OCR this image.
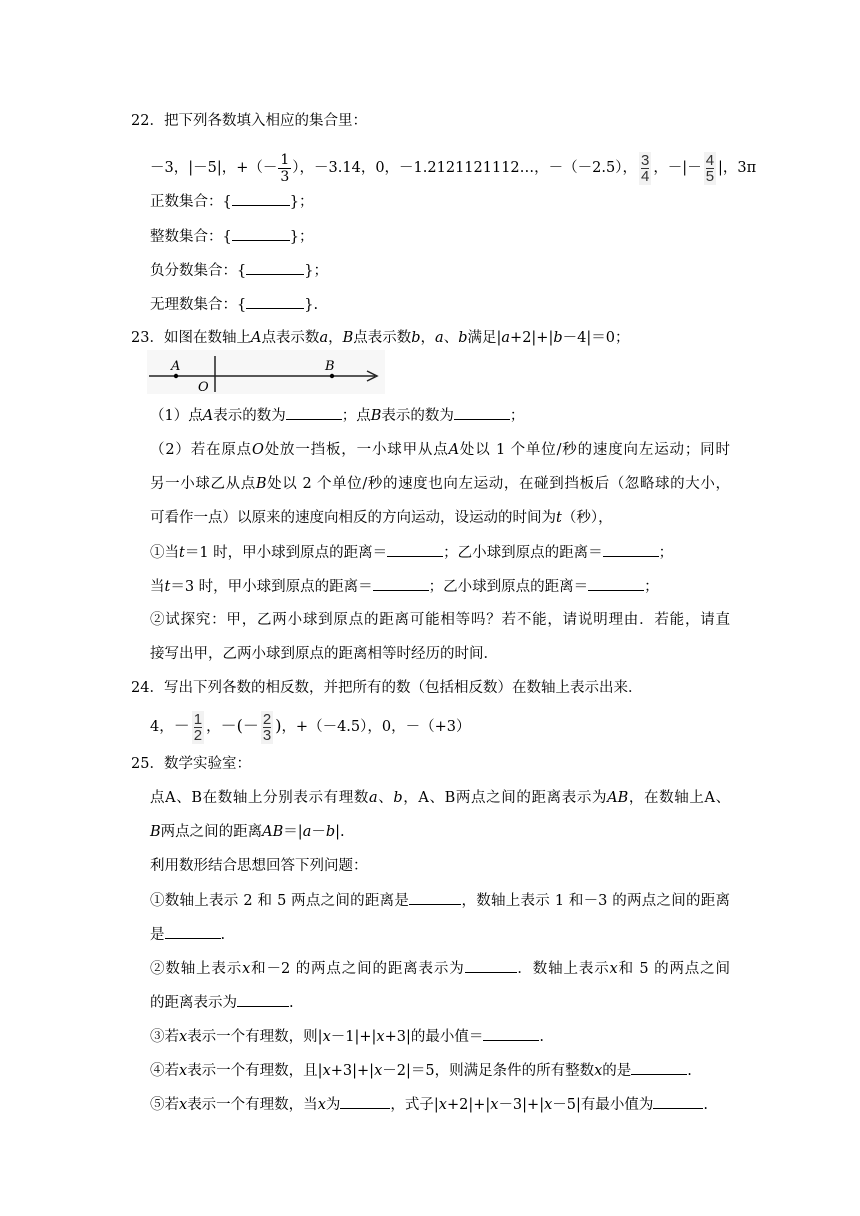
22．把下列各数填入相应的集合里：
－3，|－5|，+（－ $\frac{1}{3}$ ），－3.14，0，－1.2121121112…，－（－2.5）， $\frac{3}{4}$ ，－|－ $\frac{4}{5}$ |，3π
正数集合：{	}；
整数集合：{	}；
负分数集合：{	}；
无理数集合：{	}.
23．如图在数轴上A点表示数a，B点表示数b，a、b满足|a+2|+|b－4|＝0；
A
O
B
（1）点A表示的数为	；点B表示的数为	；
（2）若在原点O处放一挡板，一小球甲从点A处以 1 个单位/秒的速度向左运动；同时
另一小球乙从点B处以 2 个单位/秒的速度也向左运动，在碰到挡板后（忽略球的大小，
可看作一点）以原来的速度向相反的方向运动，设运动的时间为t（秒），
①当t＝1 时，甲小球到原点的距离＝	；乙小球到原点的距离＝	；
当t＝3 时，甲小球到原点的距离＝	；乙小球到原点的距离＝	；
②试探究：甲，乙两小球到原点的距离可能相等吗？若不能，请说明理由．若能，请直
接写出甲，乙两小球到原点的距离相等时经历的时间．
24．写出下列各数的相反数，并把所有的数（包括相反数）在数轴上表示出来．
4，－ $\frac{1}{2}$ ，－(－ $\frac{2}{3}$ )，+（－4.5），0，－（+3）
25．数学实验室：
点A、B在数轴上分别表示有理数a、b，A、B两点之间的距离表示为AB，在数轴上A、
B两点之间的距离AB＝|a－b|.
利用数形结合思想回答下列问题：
①数轴上表示 2 和 5 两点之间的距离是	，数轴上表示 1 和－3 的两点之间的距离
是	.
②数轴上表示x和－2 的两点之间的距离表示为	．数轴上表示x和 5 的两点之间
的距离表示为	.
③若x表示一个有理数，则|x－1|+|x+3|的最小值＝	.
④若x表示一个有理数，且|x+3|+|x－2|＝5，则满足条件的所有整数x的是	.
⑤若x表示一个有理数，当x为	，式子|x+2|+|x－3|+|x－5|有最小值为	.
